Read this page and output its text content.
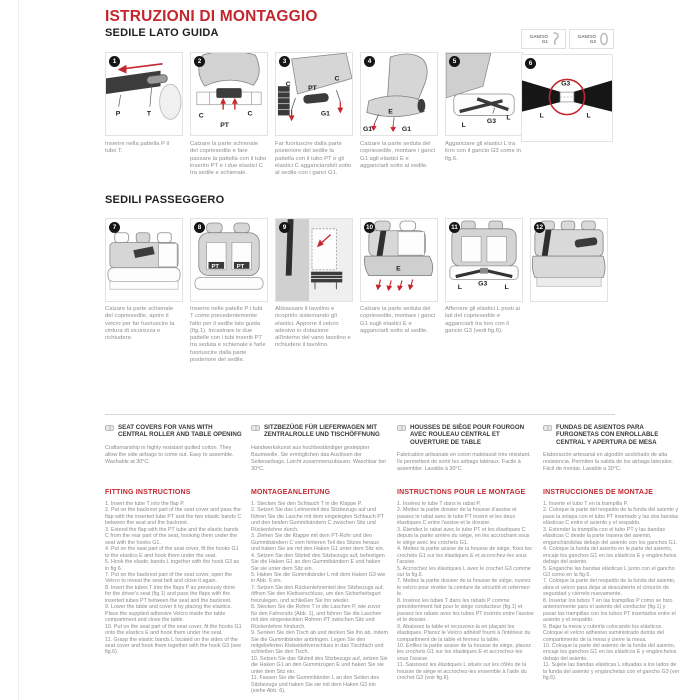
ISTRUZIONI DI MONTAGGIO
SEDILE LATO GUIDA	GANCIO
G1
GANCIO
G3
1
P	T
2
C
PT
C
3
C
PT
C
G1
4
G1
E
G1
5
G3
L
L
6
G3
L	L
Inserire nella pattella P il tubo T.
Calzare la parte schienale del copriesedile e fare passare la pattella con il tubo inserito PT e i due elastici C tra sedile e schienale.
Far fuoriuscire dalla parte posteriore del sedile la pattella con il tubo PT e gli elastici C agganciandoli sotto al sedile con i ganci G1.
Calzare la parte seduta del copriesedile, montare i ganci G1 agli elastici E e agganciarli sotto al sedile.
Agganciare gli elastici L tra loro con il gancio G3 come in fig.6.
SEDILI PASSEGGERO
7	8
PT	PT
9	10
E
11
L
G3
L
12
Calzare la parte schienale del copriesedile, aprire il velcro per far fuoriuscire la cintura di sicurezza e richiudere.
Inserire nelle patelle P i tubi T come precedentemente fatto per il sedile lato guida (fig.1). Incastrare le due pattelle con i tubi inseriti PT tra seduta e schienale e farle fuoriuscire dalla parte posteriore del sedile.
Abbassare il tavolino e ricoprirlo sistemando gli elastici. Apporre il velcro adesivo in dotazione all'interno del vano tavolino e richiudere il tavolino.
Calzare la parte seduta del copriesedile, montare i ganci G1 sugli elastici E e agganciarli sotto al sedile.
Afferrare gli elastici L posti ai lati del copriesedile e agganciarli tra loro con il gancio G3 (vedi fig.6).
SEAT COVERS FOR VANS WITH CENTRAL ROLLER AND TABLE OPENING
Craftsmanship in highly resistant quilted cotton. They allow the side airbags to come out. Easy to assemble. Washable at 30°C.
SITZBEZÜGE FÜR LIEFERWAGEN MIT ZENTRALROLLE UND TISCHÖFFNUNG
Handwerkskunst aus hochbeständiger gesteppter Baumwolle. Sie ermöglichen das Auslösen der Seitenairbags. Leicht zusammenzubauen. Waschbar bei 30°C.
HOUSSES DE SIÈGE POUR FOURGON AVEC ROULEAU CENTRAL ET OUVERTURE DE TABLE
Fabrication artisanale en coton matelassé très résistant. Ils permettent de sortir les airbags latéraux. Facile à assembler. Lavable à 30°C.
FUNDAS DE ASIENTOS PARA FURGONETAS CON ENROLLABLE CENTRAL Y APERTURA DE MESA
Elaboración artesanal en algodón acolchado de alta resistencia. Permiten la salida de los airbags laterales. Fácil de montar. Lavable a 30°C.
FITTING INSTRUCTIONS
1. Insert the tube T into the flap P.
2. Put on the backrest part of the seat cover and pass the flap with the inserted tube PT and the two elastic bands C between the seat and the backrest.
3. Extend the flap with the PT tube and the elastic bands C from the rear part of the seat, hooking them under the seat with the hooks G1.
4. Put on the seat part of the seat cover, fit the hooks G1 to the elastics E and hook them under the seat.
5. Hook the elastic bands L together with the hook G3 as in fig 6.
7. Put on the backrest part of the seat cover, open the Velcro to reveal the seat belt and close it again.
8. Insert the tubes T into the flaps P as previously done for the driver's seat (fig.1) and pass the flaps with the inserted tubes PT between the seat and the backrest.
9. Lower the table and cover it by placing the elastics. Place the supplied adhesive Velcro inside the table compartment and close the table.
10. Put on the seat part of the seat cover, fit the hooks G1 onto the elastics E and hook them under the seat.
11. Grasp the elastic bands L located on the sides of the seat cover and hook them together with the hook G3 (see fig.6).
MONTAGEANLEITUNG
1. Stecken Sie den Schlauch T in die Klappe P.
2. Setzen Sie das Lehnenteil des Sitzbezugs auf und führen Sie die Lasche mit dem eingelegten Schlauch PT und den beiden Gummibändern C zwischen Sitz und Rückenlehne durch.
3. Ziehen Sie die Klappe mit dem PT-Rohr und den Gummibändern C vom hinteren Teil des Sitzes heraus und haken Sie sie mit den Haken G1 unter dem Sitz ein.
4. Setzen Sie den Sitzteil des Sitzbezugs auf, befestigen Sie die Haken G1 an den Gummibändern E und haken Sie sie unter dem Sitz ein.
5. Haken Sie die Gummibänder L mit dem Haken G3 wie in Abb. 6 ein.
7. Setzen Sie den Rückenlehnenteil des Sitzbezugs auf, öffnen Sie den Klettverschluss, um den Sicherheitsgurt freizulegen, und schließen Sie ihn wieder.
8. Stecken Sie die Rohre T in die Laschen P, wie zuvor für den Fahrersitz (Abb. 1), und führen Sie die Laschen mit den eingesteckten Rohren PT zwischen Sitz und Rückenlehne hindurch.
9. Senken Sie den Tisch ab und decken Sie ihn ab, indem Sie die Gummibänder anbringen. Legen Sie den mitgelieferten Klebeklettverschluss in das Tischfach und schließen Sie den Tisch.
10. Setzen Sie das Sitzteil des Sitzbezugs auf, setzen Sie die Haken G1 an den Gummizügen E und haken Sie sie unter dem Sitz ein.
11. Fassen Sie die Gummibänder L an den Seiten des Sitzbezugs und haken Sie sie mit dem Haken G3 ein (siehe Abb. 6).
INSTRUCTIONS POUR LE MONTAGE
1. Insérez le tube T dans le rabat P.
2. Mettez la partie dossier de la housse d'assise et passez le rabat avec le tube PT inséré et les deux élastiques C entre l'assise et le dossier.
3. Étendez le rabat avec le tube PT et les élastiques C depuis la partie arrière du siège, en les accrochant sous le siège avec les crochets G1.
4. Mettez la partie assise de la housse de siège, fixez les crochets G1 sur les élastiques E et accrochez-les sous l'assise.
5. Accrochez les élastiques L avec le crochet G3 comme sur la fig.6.
7. Mettez la partie dossier de la housse de siège, ouvrez le velcro pour révéler la ceinture de sécurité et refermez-le.
8. Insérez les tubes T dans les rabats P comme précédemment fait pour le siège conducteur (fig.1) et passez les rabats avec les tubes PT insérés entre l'assise et le dossier.
9. Abaissez la table et recouvrez-la en plaçant les élastiques. Placez le Velcro adhésif fourni à l'intérieur du compartiment de la table et fermez la table.
10. Enfilez la partie assise de la housse de siège, placez les crochets G1 sur les élastiques E et accrochez-les sous l'assise.
11. Saisissez les élastiques L situés sur les côtés de la housse de siège et accrochez-les ensemble à l'aide du crochet G3 (voir fig.6).
INSTRUCCIONES DE MONTAJE
1. Inserte el tubo T en la trampilla P.
2. Coloque la parte del respaldo de la funda del asiento y pase la solapa con el tubo PT insertado y las dos bandas elásticas C entre el asiento y el respaldo.
3. Extender la trampilla con el tubo PT y las bandas elásticas C desde la parte trasera del asiento, enganchándolas debajo del asiento con los ganchos G1.
4. Coloque la funda del asiento en la parte del asiento, encaje los ganchos G1 en los elásticos E y engánchelos debajo del asiento.
5. Enganche las bandas elásticas L junto con el gancho G3 como en la fig.6.
7. Coloque la parte del respaldo de la funda del asiento, abra el velcro para dejar al descubierto el cinturón de seguridad y ciérrelo nuevamente.
8. Insertar los tubos T en las trampillas P como se hizo anteriormente para el asiento del conductor (fig.1) y pasar las trampillas con los tubos PT insertados entre el asiento y el respaldo.
9. Bajar la mesa y cubrirla colocando los elásticos. Coloque el velcro adhesivo suministrado detrás del compartimento de la mesa y cierre la mesa.
10. Coloque la parte del asiento de la funda del asiento, encaje los ganchos G1 en los elásticos E y engánchelos debajo del asiento.
11. Sujete las bandas elásticas L situadas a los lados de la funda del asiento y engánchelas con el gancho G3 (ver fig.6).
